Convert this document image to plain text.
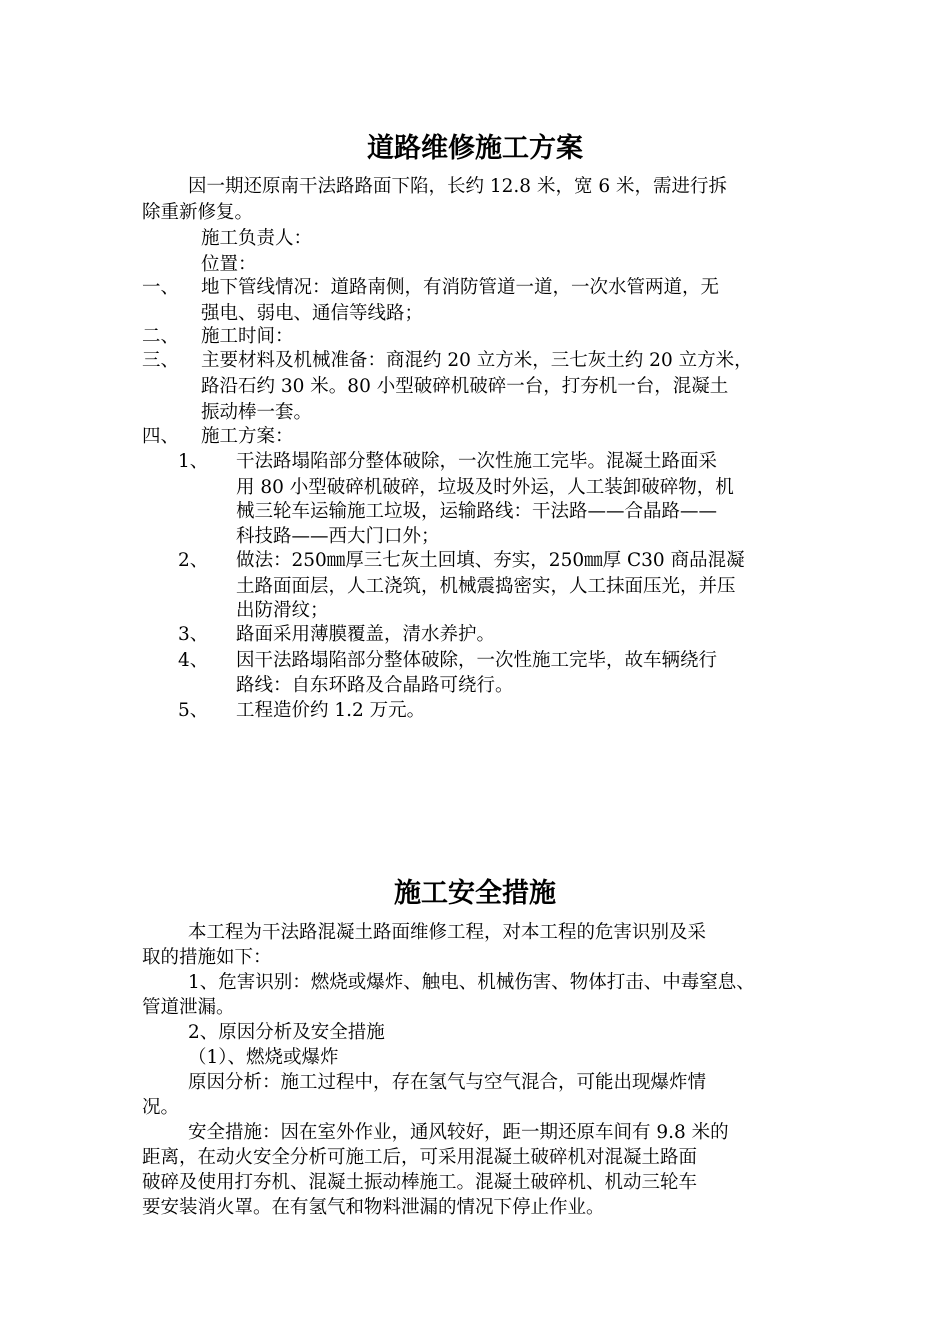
道路维修施工方案
因一期还原南干法路路面下陷，长约 12.8 米，宽 6 米，需进行拆
除重新修复。
施工负责人：
位置：
一、 地下管线情况：道路南侧，有消防管道一道，一次水管两道，无
强电、弱电、通信等线路；
二、 施工时间：
三、 主要材料及机械准备：商混约 20 立方米，三七灰土约 20 立方米，
路沿石约 30 米。80 小型破碎机破碎一台，打夯机一台，混凝土
振动棒一套。
四、 施工方案：
1、 干法路塌陷部分整体破除，一次性施工完毕。混凝土路面采
用 80 小型破碎机破碎，垃圾及时外运，人工装卸破碎物，机
械三轮车运输施工垃圾，运输路线：干法路——合晶路——
科技路——西大门口外；
2、 做法：250㎜厚三七灰土回填、夯实，250㎜厚 C30 商品混凝
土路面面层，人工浇筑，机械震捣密实，人工抹面压光，并压
出防滑纹；
3、 路面采用薄膜覆盖，清水养护。
4、 因干法路塌陷部分整体破除，一次性施工完毕，故车辆绕行
路线：自东环路及合晶路可绕行。
5、 工程造价约 1.2 万元。
施工安全措施
本工程为干法路混凝土路面维修工程，对本工程的危害识别及采
取的措施如下：
1、危害识别：燃烧或爆炸、触电、机械伤害、物体打击、中毒窒息、
管道泄漏。
2、原因分析及安全措施
（1）、燃烧或爆炸
原因分析：施工过程中，存在氢气与空气混合，可能出现爆炸情
况。
安全措施：因在室外作业，通风较好，距一期还原车间有 9.8 米的
距离，在动火安全分析可施工后，可采用混凝土破碎机对混凝土路面
破碎及使用打夯机、混凝土振动棒施工。混凝土破碎机、机动三轮车
要安装消火罩。在有氢气和物料泄漏的情况下停止作业。
